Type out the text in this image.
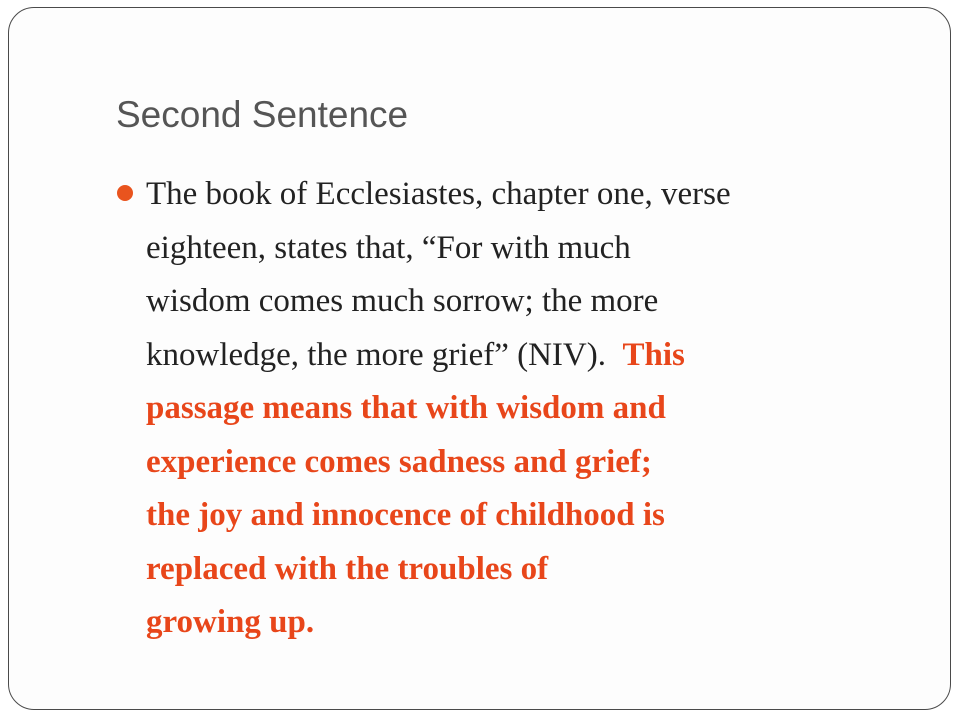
Second Sentence

The book of Ecclesiastes, chapter one, verse
eighteen, states that, “For with much
wisdom comes much sorrow; the more
knowledge, the more grief” (NIV).  This
passage means that with wisdom and
experience comes sadness and grief;
the joy and innocence of childhood is
replaced with the troubles of
growing up.
